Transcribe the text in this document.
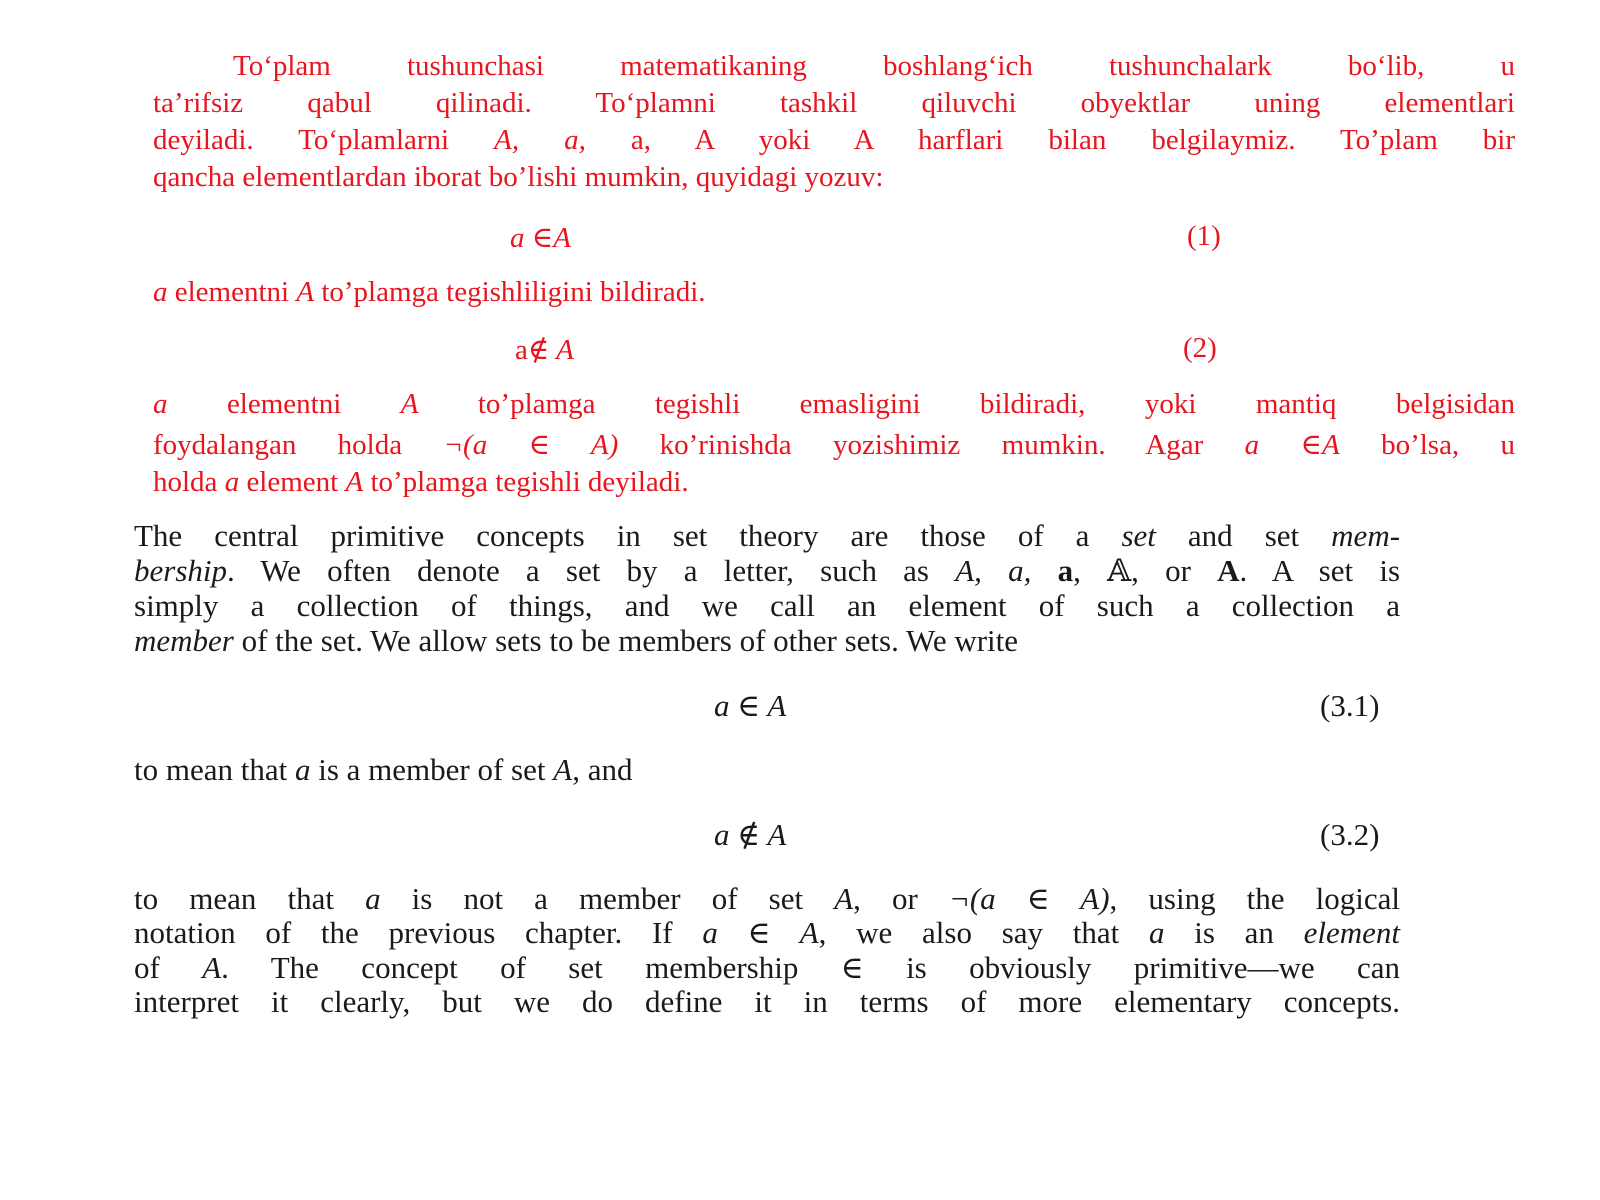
To‘plam tushunchasi matematikaning boshlang‘ich tushunchalark bo‘lib, u
ta’rifsiz qabul qilinadi. To‘plamni tashkil qiluvchi obyektlar uning elementlari
deyiladi. To‘plamlarni A, a, a, A yoki A harflari bilan belgilaymiz. To’plam bir
qancha elementlardan iborat bo’lishi mumkin, quyidagi yozuv:
a ∈A	(1)
a elementni A to’plamga tegishliligini bildiradi.
a∉ A	(2)
a elementni A to’plamga tegishli emasligini bildiradi, yoki mantiq belgisidan
foydalangan holda ¬(a ∈ A) ko’rinishda yozishimiz mumkin. Agar a ∈A bo’lsa, u
holda a element A to’plamga tegishli deyiladi.
The central primitive concepts in set theory are those of a set and set mem-
bership. We often denote a set by a letter, such as A, a, a, 𝔸, or A. A set is
simply a collection of things, and we call an element of such a collection a
member of the set. We allow sets to be members of other sets. We write
a ∈ A	(3.1)
to mean that a is a member of set A, and
a ∉ A	(3.2)
to mean that a is not a member of set A, or ¬(a ∈ A), using the logical
notation of the previous chapter. If a ∈ A, we also say that a is an element
of A. The concept of set membership ∈ is obviously primitive—we can
interpret it clearly, but we do define it in terms of more elementary concepts.
